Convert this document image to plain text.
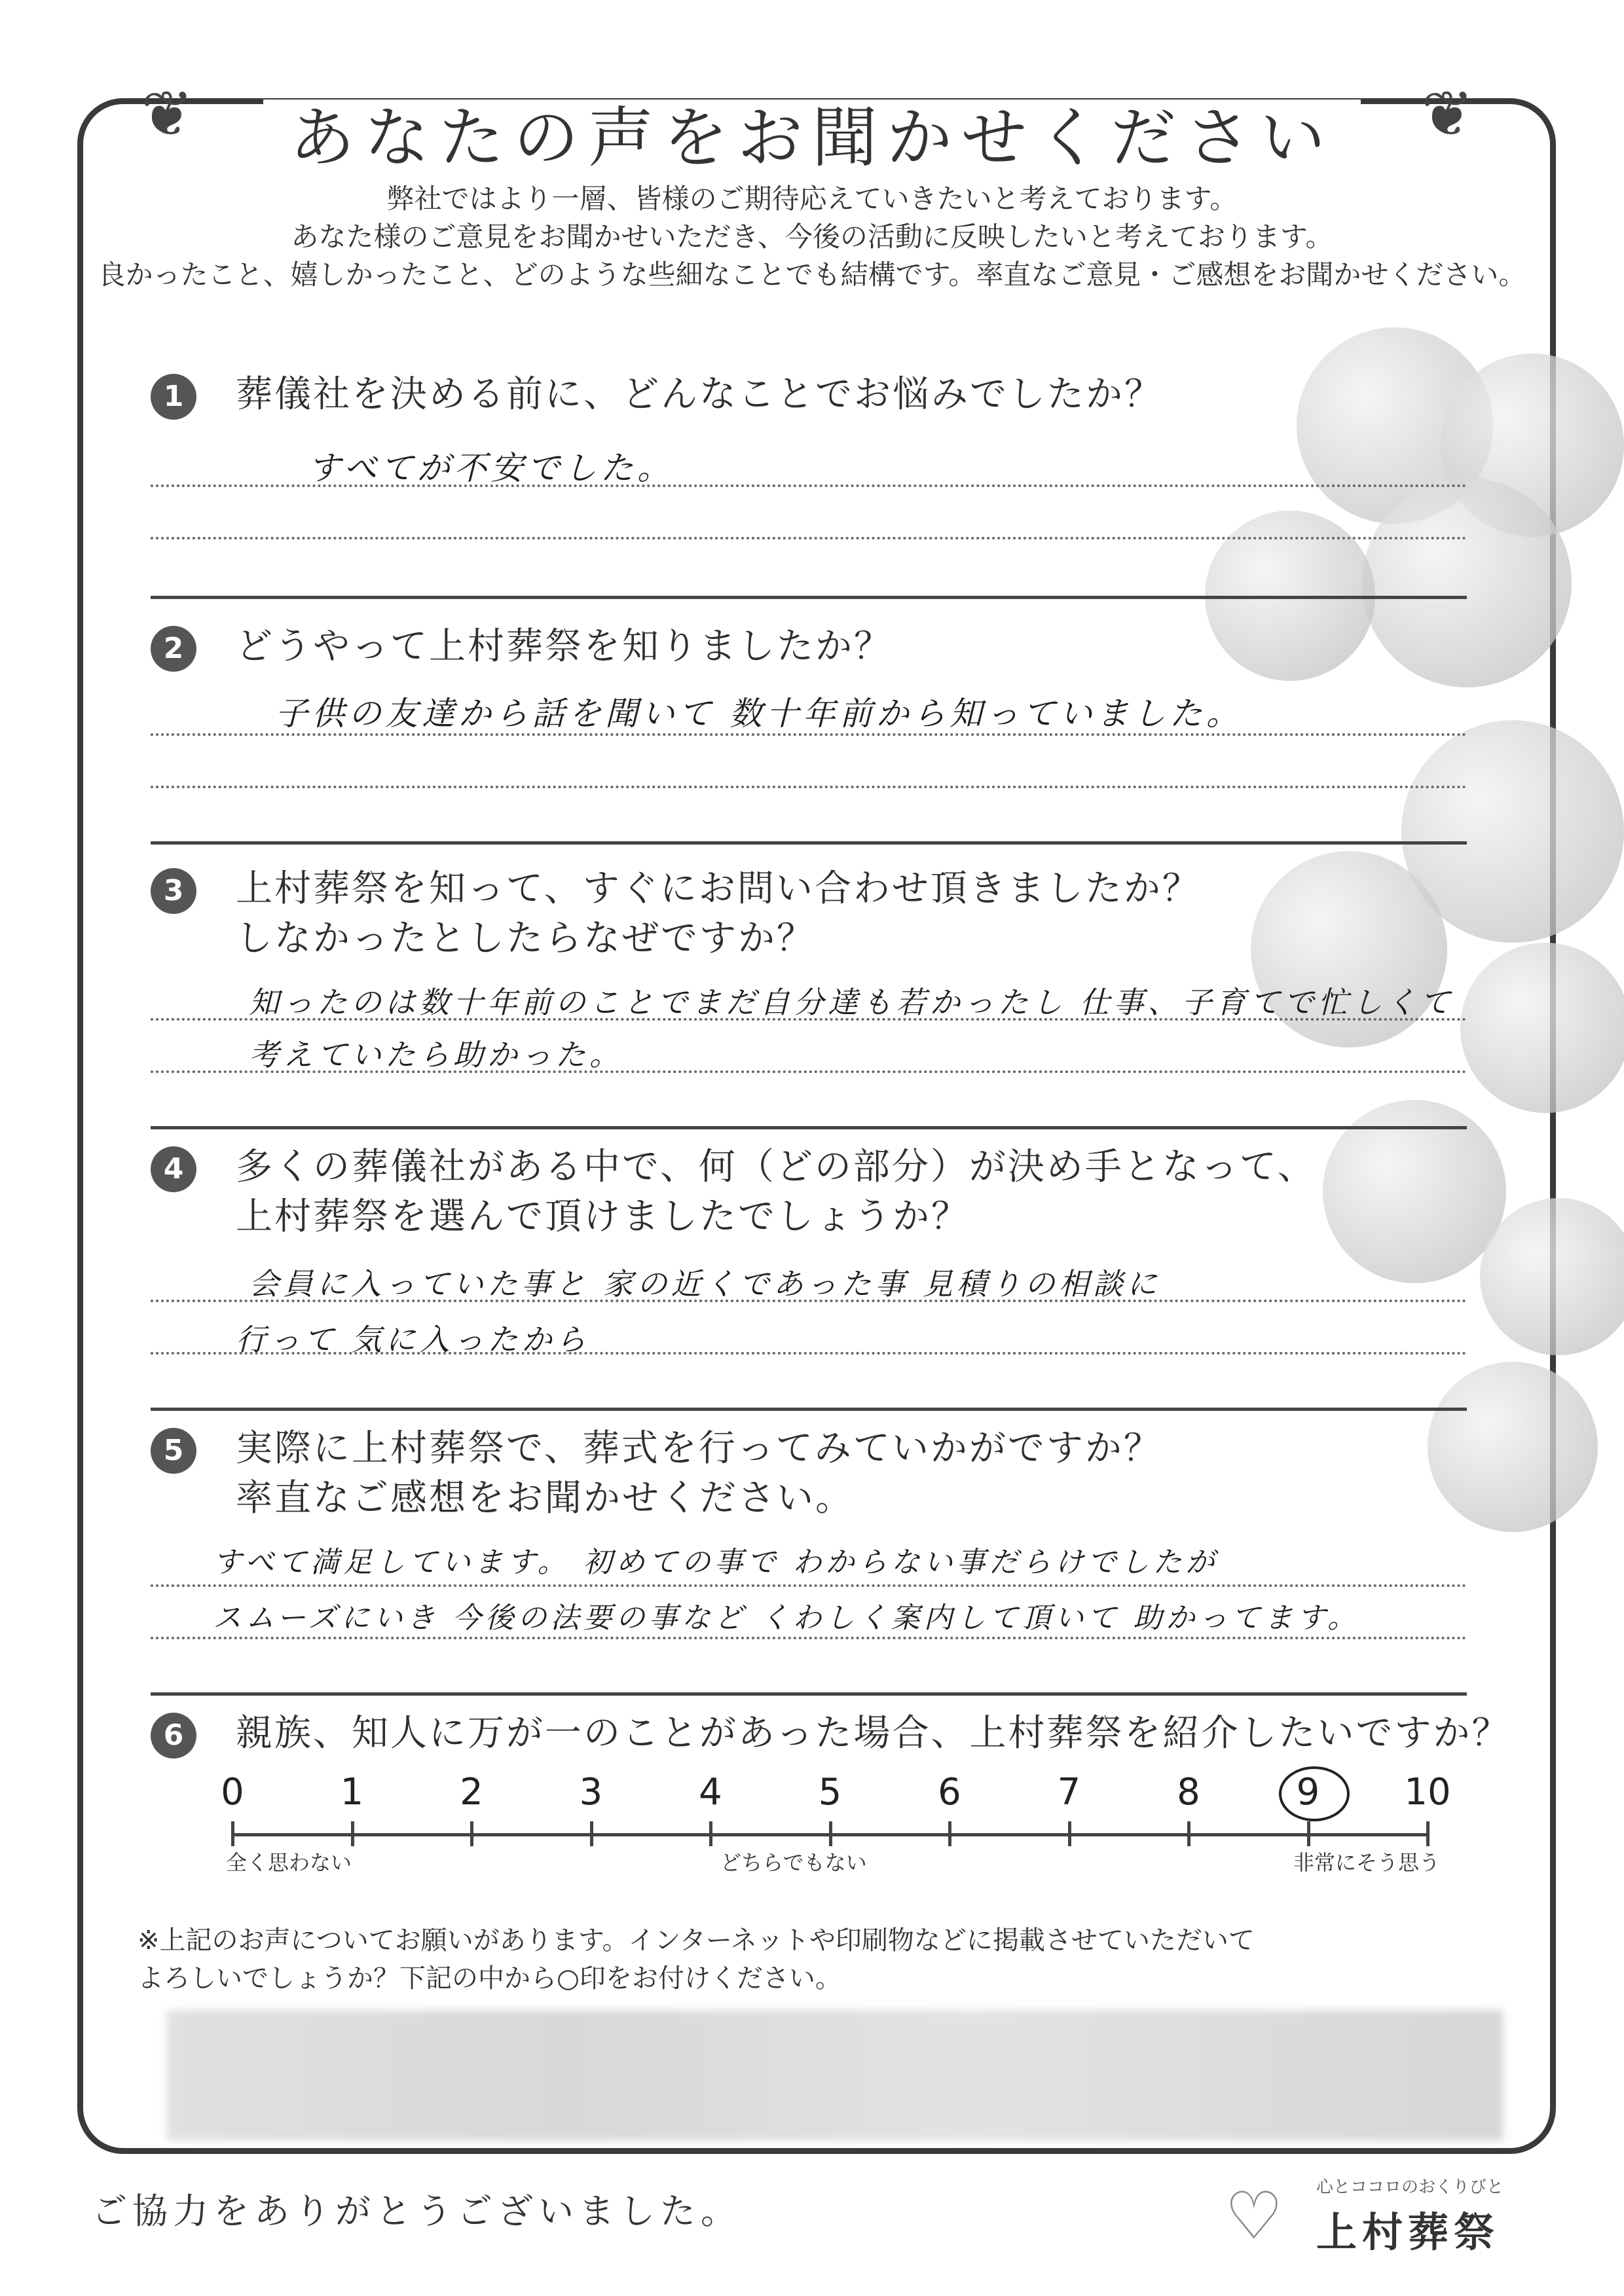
❦	❦
あなたの声をお聞かせください
弊社ではより一層、皆様のご期待応えていきたいと考えております。
あなた様のご意見をお聞かせいただき、今後の活動に反映したいと考えております。
良かったこと、嬉しかったこと、どのような些細なことでも結構です。率直なご意見・ご感想をお聞かせください。
1	葬儀社を決める前に、どんなことでお悩みでしたか？
すべてが不安でした。
2	どうやって上村葬祭を知りましたか？
子供の友達から話を聞いて 数十年前から知っていました。
3	上村葬祭を知って、すぐにお問い合わせ頂きましたか？
しなかったとしたらなぜですか？
知ったのは数十年前のことでまだ自分達も若かったし 仕事、子育てで忙しくて
考えていたら助かった。
4	多くの葬儀社がある中で、何（どの部分）が決め手となって、
上村葬祭を選んで頂けましたでしょうか？
会員に入っていた事と 家の近くであった事 見積りの相談に
行って 気に入ったから
5	実際に上村葬祭で、葬式を行ってみていかがですか？
率直なご感想をお聞かせください。
すべて満足しています。 初めての事で わからない事だらけでしたが
スムーズにいき 今後の法要の事など くわしく案内して頂いて 助かってます。
6	親族、知人に万が一のことがあった場合、上村葬祭を紹介したいですか？
0	1	2	3	4	5	6	7	8	9	10
全く思わない	どちらでもない	非常にそう思う
※上記のお声についてお願いがあります。インターネットや印刷物などに掲載させていただいて
よろしいでしょうか？下記の中から○印をお付けください。
ご協力をありがとうございました。	♡ 心とココロのおくりびと
上村葬祭
